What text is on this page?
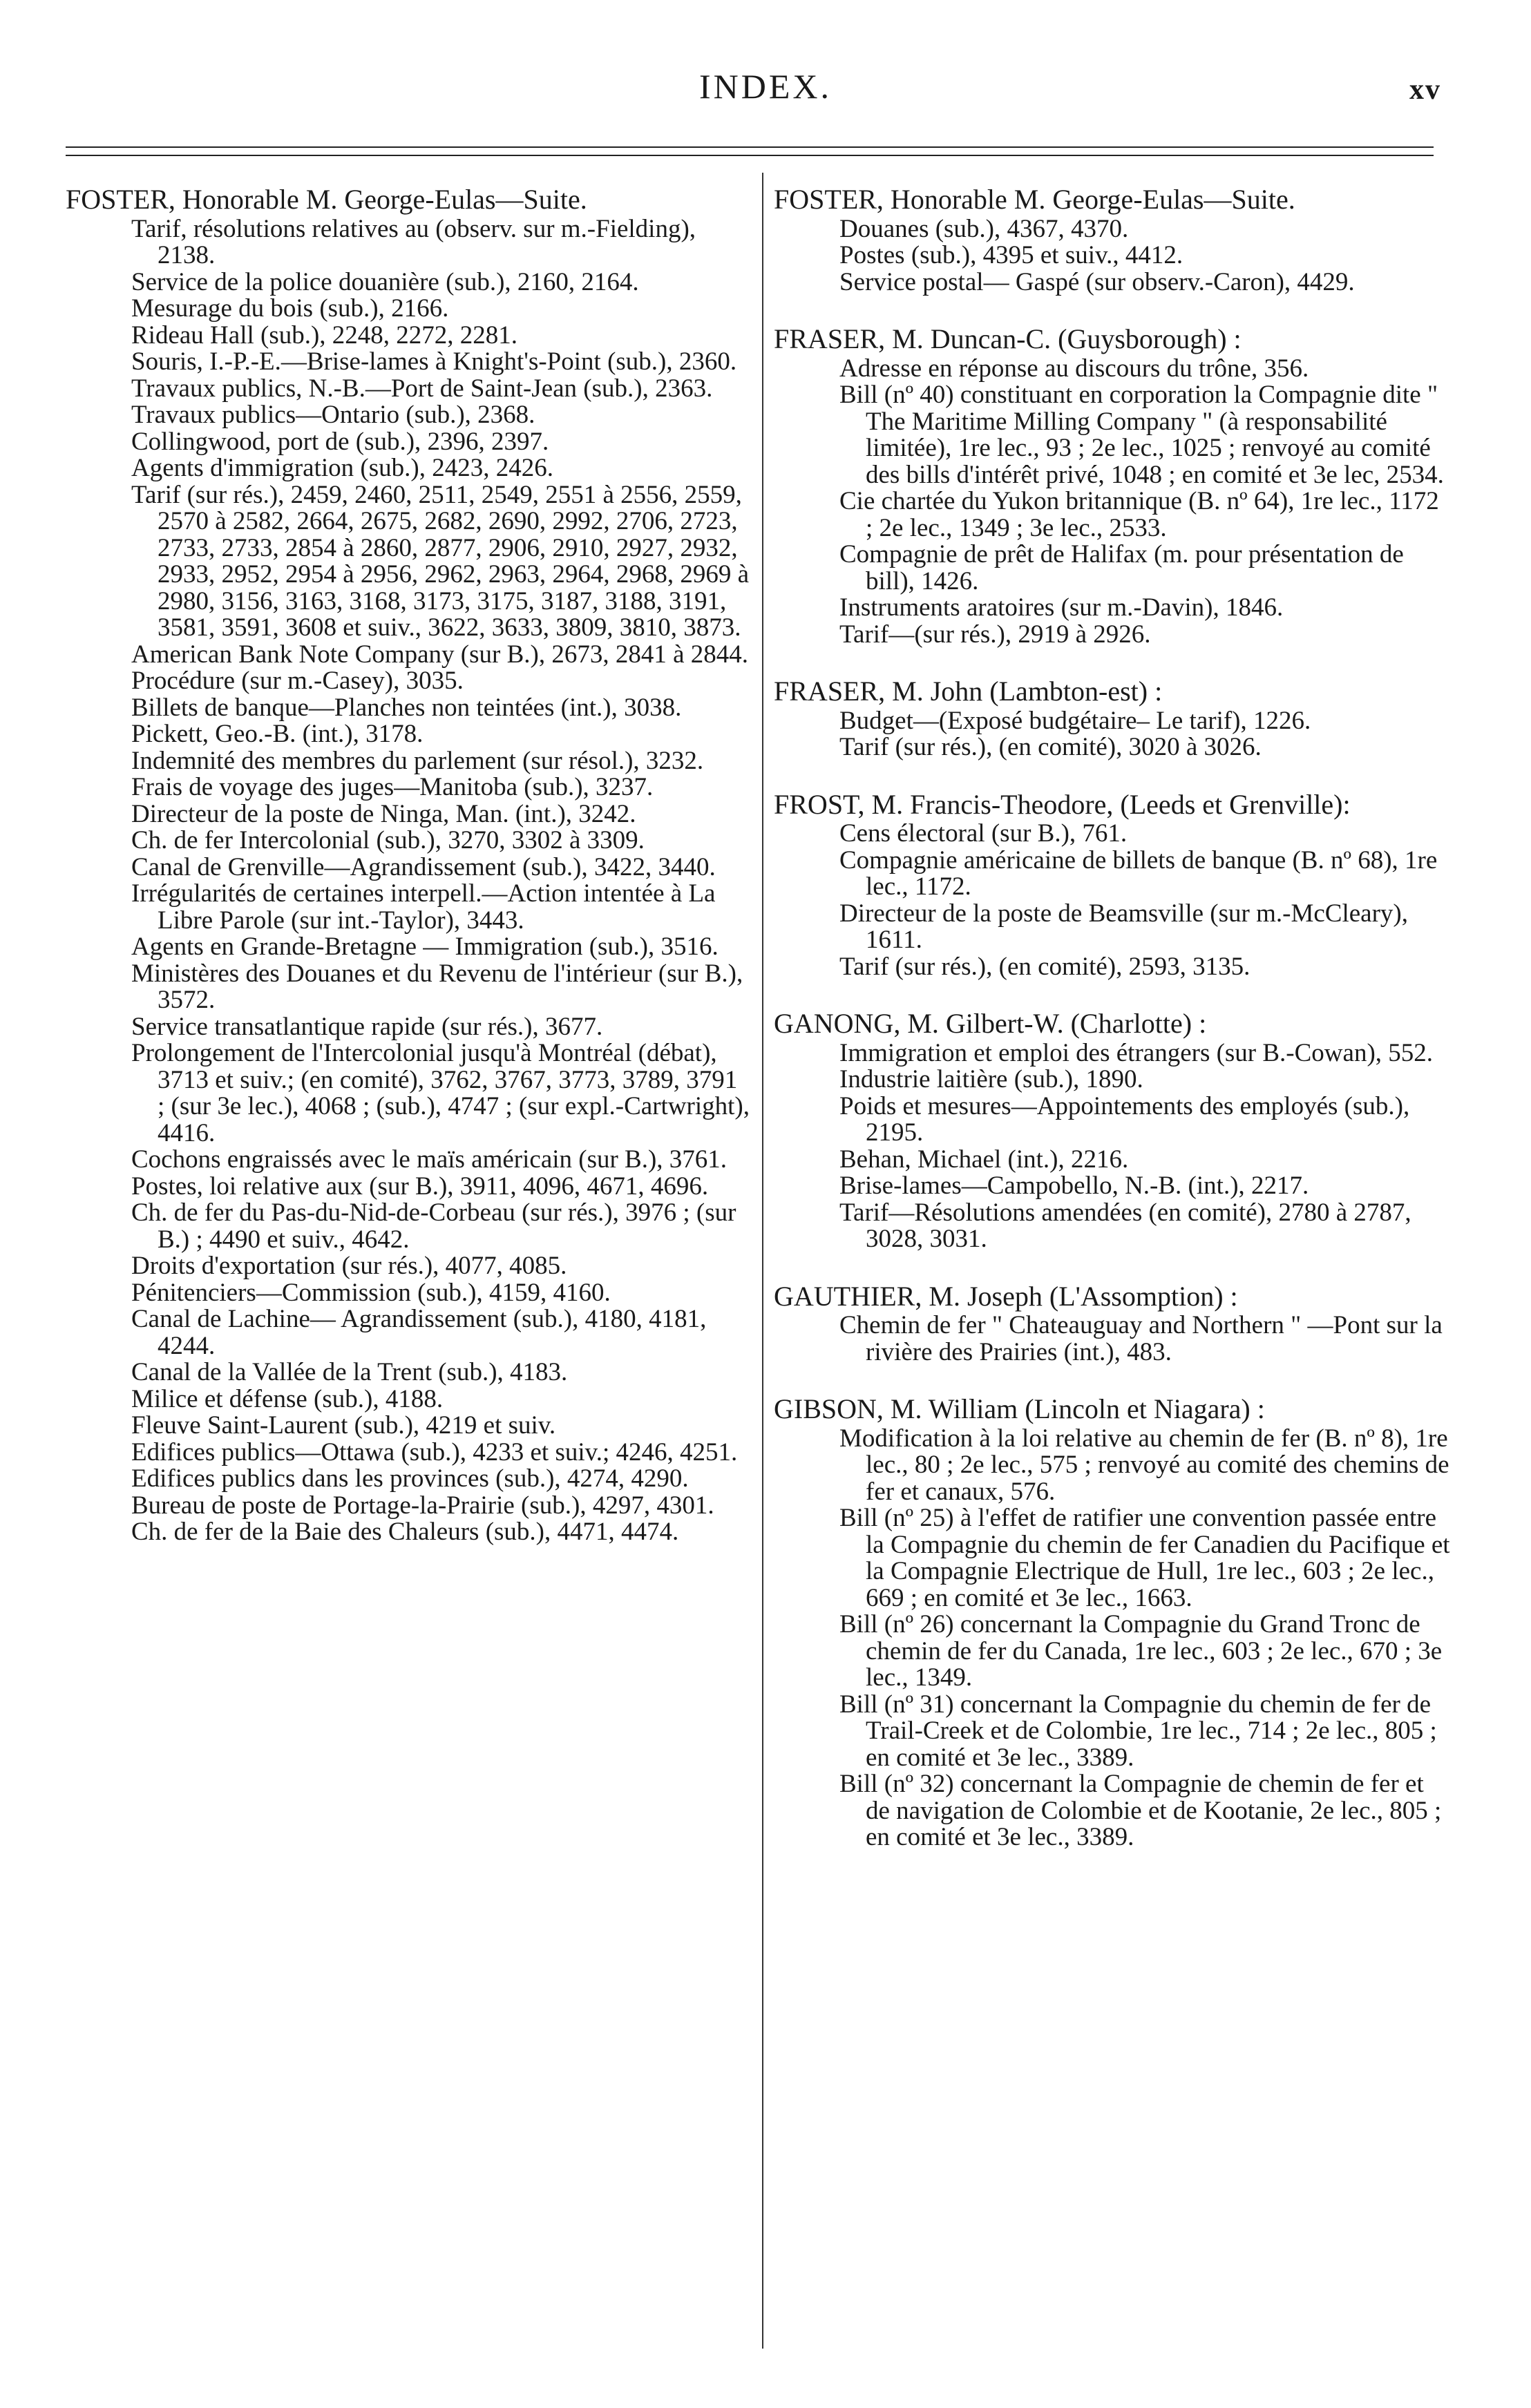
INDEX.	xv
FOSTER, Honorable M. George-Eulas—Suite.
Tarif, résolutions relatives au (observ. sur m.-Fielding), 2138.
Service de la police douanière (sub.), 2160, 2164.
Mesurage du bois (sub.), 2166.
Rideau Hall (sub.), 2248, 2272, 2281.
Souris, I.-P.-E.—Brise-lames à Knight's-Point (sub.), 2360.
Travaux publics, N.-B.—Port de Saint-Jean (sub.), 2363.
Travaux publics—Ontario (sub.), 2368.
Collingwood, port de (sub.), 2396, 2397.
Agents d'immigration (sub.), 2423, 2426.
Tarif (sur rés.), 2459, 2460, 2511, 2549, 2551 à 2556, 2559, 2570 à 2582, 2664, 2675, 2682, 2690, 2992, 2706, 2723, 2733, 2733, 2854 à 2860, 2877, 2906, 2910, 2927, 2932, 2933, 2952, 2954 à 2956, 2962, 2963, 2964, 2968, 2969 à 2980, 3156, 3163, 3168, 3173, 3175, 3187, 3188, 3191, 3581, 3591, 3608 et suiv., 3622, 3633, 3809, 3810, 3873.
American Bank Note Company (sur B.), 2673, 2841 à 2844.
Procédure (sur m.-Casey), 3035.
Billets de banque—Planches non teintées (int.), 3038.
Pickett, Geo.-B. (int.), 3178.
Indemnité des membres du parlement (sur résol.), 3232.
Frais de voyage des juges—Manitoba (sub.), 3237.
Directeur de la poste de Ninga, Man. (int.), 3242.
Ch. de fer Intercolonial (sub.), 3270, 3302 à 3309.
Canal de Grenville—Agrandissement (sub.), 3422, 3440.
Irrégularités de certaines interpell.—Action intentée à La Libre Parole (sur int.-Taylor), 3443.
Agents en Grande-Bretagne — Immigration (sub.), 3516.
Ministères des Douanes et du Revenu de l'intérieur (sur B.), 3572.
Service transatlantique rapide (sur rés.), 3677.
Prolongement de l'Intercolonial jusqu'à Montréal (débat), 3713 et suiv.; (en comité), 3762, 3767, 3773, 3789, 3791 ; (sur 3e lec.), 4068 ; (sub.), 4747 ; (sur expl.-Cartwright), 4416.
Cochons engraissés avec le maïs américain (sur B.), 3761.
Postes, loi relative aux (sur B.), 3911, 4096, 4671, 4696.
Ch. de fer du Pas-du-Nid-de-Corbeau (sur rés.), 3976 ; (sur B.) ; 4490 et suiv., 4642.
Droits d'exportation (sur rés.), 4077, 4085.
Pénitenciers—Commission (sub.), 4159, 4160.
Canal de Lachine— Agrandissement (sub.), 4180, 4181, 4244.
Canal de la Vallée de la Trent (sub.), 4183.
Milice et défense (sub.), 4188.
Fleuve Saint-Laurent (sub.), 4219 et suiv.
Edifices publics—Ottawa (sub.), 4233 et suiv.; 4246, 4251.
Edifices publics dans les provinces (sub.), 4274, 4290.
Bureau de poste de Portage-la-Prairie (sub.), 4297, 4301.
Ch. de fer de la Baie des Chaleurs (sub.), 4471, 4474.
FOSTER, Honorable M. George-Eulas—Suite.
Douanes (sub.), 4367, 4370.
Postes (sub.), 4395 et suiv., 4412.
Service postal— Gaspé (sur observ.-Caron), 4429.
FRASER, M. Duncan-C. (Guysborough) :
Adresse en réponse au discours du trône, 356.
Bill (nº 40) constituant en corporation la Compagnie dite " The Maritime Milling Company " (à responsabilité limitée), 1re lec., 93 ; 2e lec., 1025 ; renvoyé au comité des bills d'intérêt privé, 1048 ; en comité et 3e lec, 2534.
Cie chartée du Yukon britannique (B. nº 64), 1re lec., 1172 ; 2e lec., 1349 ; 3e lec., 2533.
Compagnie de prêt de Halifax (m. pour présentation de bill), 1426.
Instruments aratoires (sur m.-Davin), 1846.
Tarif—(sur rés.), 2919 à 2926.
FRASER, M. John (Lambton-est) :
Budget—(Exposé budgétaire– Le tarif), 1226.
Tarif (sur rés.), (en comité), 3020 à 3026.
FROST, M. Francis-Theodore, (Leeds et Grenville):
Cens électoral (sur B.), 761.
Compagnie américaine de billets de banque (B. nº 68), 1re lec., 1172.
Directeur de la poste de Beamsville (sur m.-McCleary), 1611.
Tarif (sur rés.), (en comité), 2593, 3135.
GANONG, M. Gilbert-W. (Charlotte) :
Immigration et emploi des étrangers (sur B.-Cowan), 552.
Industrie laitière (sub.), 1890.
Poids et mesures—Appointements des employés (sub.), 2195.
Behan, Michael (int.), 2216.
Brise-lames—Campobello, N.-B. (int.), 2217.
Tarif—Résolutions amendées (en comité), 2780 à 2787, 3028, 3031.
GAUTHIER, M. Joseph (L'Assomption) :
Chemin de fer " Chateauguay and Northern " —Pont sur la rivière des Prairies (int.), 483.
GIBSON, M. William (Lincoln et Niagara) :
Modification à la loi relative au chemin de fer (B. nº 8), 1re lec., 80 ; 2e lec., 575 ; renvoyé au comité des chemins de fer et canaux, 576.
Bill (nº 25) à l'effet de ratifier une convention passée entre la Compagnie du chemin de fer Canadien du Pacifique et la Compagnie Electrique de Hull, 1re lec., 603 ; 2e lec., 669 ; en comité et 3e lec., 1663.
Bill (nº 26) concernant la Compagnie du Grand Tronc de chemin de fer du Canada, 1re lec., 603 ; 2e lec., 670 ; 3e lec., 1349.
Bill (nº 31) concernant la Compagnie du chemin de fer de Trail-Creek et de Colombie, 1re lec., 714 ; 2e lec., 805 ; en comité et 3e lec., 3389.
Bill (nº 32) concernant la Compagnie de chemin de fer et de navigation de Colombie et de Kootanie, 2e lec., 805 ; en comité et 3e lec., 3389.
